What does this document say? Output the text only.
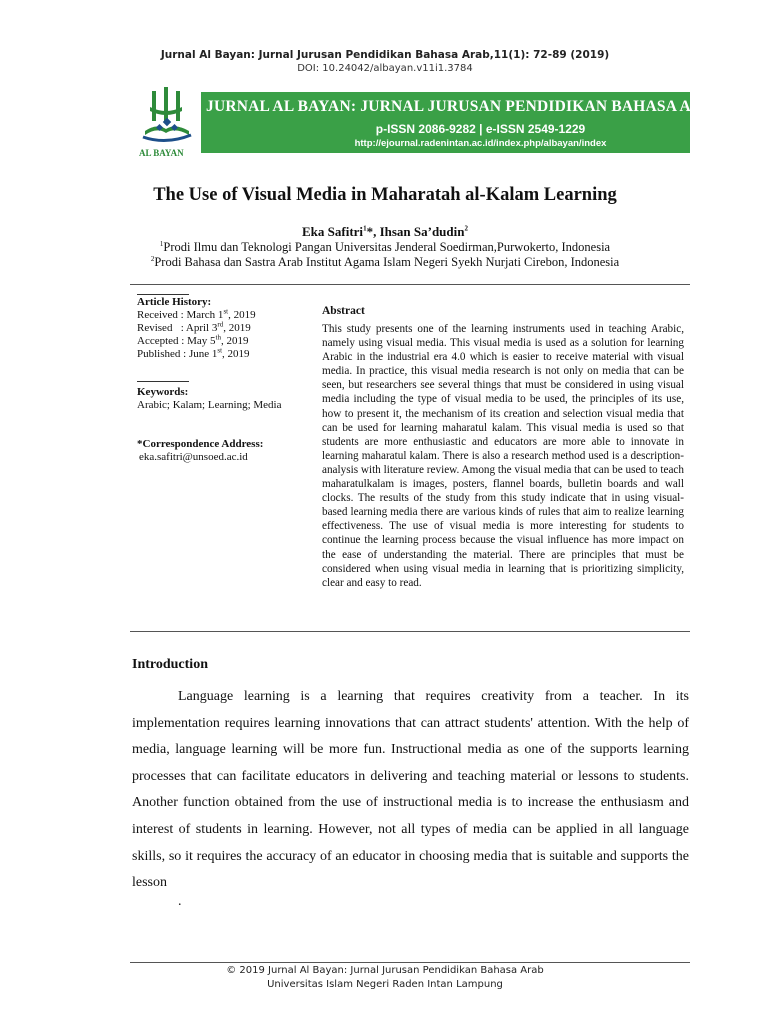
Jurnal Al Bayan: Jurnal Jurusan Pendidikan Bahasa Arab,11(1): 72-89 (2019)
DOI: 10.24042/albayan.v11i1.3784
AL BAYAN
JURNAL AL BAYAN: JURNAL JURUSAN PENDIDIKAN BAHASA ARAB
p-ISSN 2086-9282 | e-ISSN 2549-1229
http://ejournal.radenintan.ac.id/index.php/albayan/index
The Use of Visual Media in Maharatah al-Kalam Learning
Eka Safitri$^1$*, Ihsan Sa’dudin$^2$
$^1$Prodi Ilmu dan Teknologi Pangan Universitas Jenderal Soedirman,Purwokerto, Indonesia
$^2$Prodi Bahasa dan Sastra Arab Institut Agama Islam Negeri Syekh Nurjati Cirebon, Indonesia
Article History:
Received : March 1st, 2019
Revised   : April 3rd, 2019
Accepted : May 5th, 2019
Published : June 1st, 2019
Keywords:
Arabic; Kalam; Learning; Media
*Correspondence Address:
eka.safitri@unsoed.ac.id
Abstract
This study presents one of the learning instruments used in teaching Arabic, namely using visual media. This visual media is used as a solution for learning Arabic in the industrial era 4.0 which is easier to receive material with visual media. In practice, this visual media research is not only on media that can be seen, but researchers see several things that must be considered in using visual media including the type of visual media to be used, the principles of its use, how to present it, the mechanism of its creation and selection visual media that can be used for learning maharatul kalam. This visual media is used so that students are more enthusiastic and educators are more able to innovate in learning maharatul kalam. There is also a research method used is a description-analysis with literature review. Among the visual media that can be used to teach maharatulkalam is images, posters, flannel boards, bulletin boards and wall clocks. The results of the study from this study indicate that in using visual-based learning media there are various kinds of rules that aim to realize learning effectiveness. The use of visual media is more interesting for students to continue the learning process because the visual influence has more impact on the ease of understanding the material. There are principles that must be considered when using visual media in learning that is prioritizing simplicity, clear and easy to read.
Introduction

Language learning is a learning that requires creativity from a teacher. In its implementation requires learning innovations that can attract students' attention. With the help of media, language learning will be more fun. Instructional media as one of the supports learning processes that can facilitate educators in delivering and teaching material or lessons to students. Another function obtained from the use of instructional media is to increase the enthusiasm and interest of students in learning. However, not all types of media can be applied in all language skills, so it requires the accuracy of an educator in choosing media that is suitable and supports the lesson

.
© 2019 Jurnal Al Bayan: Jurnal Jurusan Pendidikan Bahasa Arab
Universitas Islam Negeri Raden Intan Lampung
